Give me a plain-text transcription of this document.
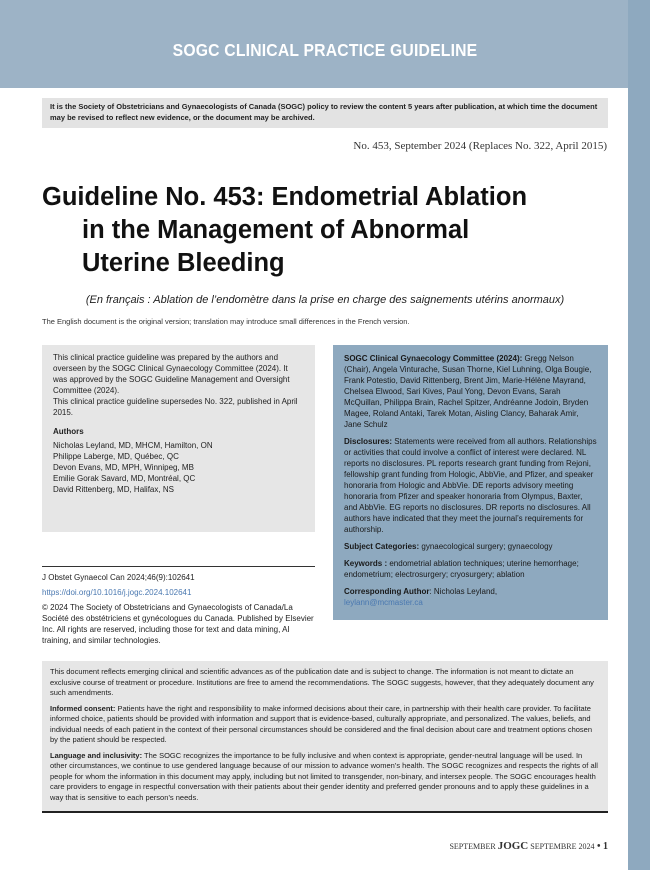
SOGC CLINICAL PRACTICE GUIDELINE
It is the Society of Obstetricians and Gynaecologists of Canada (SOGC) policy to review the content 5 years after publication, at which time the document may be revised to reflect new evidence, or the document may be archived.
No. 453, September 2024 (Replaces No. 322, April 2015)
Guideline No. 453: Endometrial Ablation
in the Management of Abnormal
Uterine Bleeding
(En français : Ablation de l’endomètre dans la prise en charge des saignements utérins anormaux)
The English document is the original version; translation may introduce small differences in the French version.
This clinical practice guideline was prepared by the authors and overseen by the SOGC Clinical Gynaecology Committee (2024). It was approved by the SOGC Guideline Management and Oversight Committee (2024).
This clinical practice guideline supersedes No. 322, published in April 2015.
Authors
Nicholas Leyland, MD, MHCM, Hamilton, ON
Philippe Laberge, MD, Québec, QC
Devon Evans, MD, MPH, Winnipeg, MB
Emilie Gorak Savard, MD, Montréal, QC
David Rittenberg, MD, Halifax, NS

SOGC Clinical Gynaecology Committee (2024): Gregg Nelson (Chair), Angela Vinturache, Susan Thorne, Kiel Luhning, Olga Bougie, Frank Potestio, David Rittenberg, Brent Jim, Marie-Hélène Mayrand, Chelsea Elwood, Sari Kives, Paul Yong, Devon Evans, Sarah McQuillan, Philippa Brain, Rachel Spitzer, Andréanne Jodoin, Bryden Magee, Roland Antaki, Tarek Motan, Aisling Clancy, Baharak Amir, Jane Schulz

Disclosures: Statements were received from all authors. Relationships or activities that could involve a conflict of interest were declared. NL reports no disclosures. PL reports research grant funding from Rejoni, fellowship grant funding from Hologic, AbbVie, and Pfizer, and speaker honoraria from Hologic and AbbVie. DE reports advisory meeting honoraria from Pfizer and speaker honoraria from Olympus, Baxter, and AbbVie. EG reports no disclosures. DR reports no disclosures. All authors have indicated that they meet the journal’s requirements for authorship.

Subject Categories: gynaecological surgery; gynaecology

Keywords : endometrial ablation techniques; uterine hemorrhage; endometrium; electrosurgery; cryosurgery; ablation

Corresponding Author: Nicholas Leyland,
leylann@mcmaster.ca

J Obstet Gynaecol Can 2024;46(9):102641
https://doi.org/10.1016/j.jogc.2024.102641
© 2024 The Society of Obstetricians and Gynaecologists of Canada/La Société des obstétriciens et gynécologues du Canada. Published by Elsevier Inc. All rights are reserved, including those for text and data mining, AI training, and similar technologies.

This document reflects emerging clinical and scientific advances as of the publication date and is subject to change. The information is not meant to dictate an exclusive course of treatment or procedure. Institutions are free to amend the recommendations. The SOGC suggests, however, that they adequately document any such amendments.

Informed consent: Patients have the right and responsibility to make informed decisions about their care, in partnership with their health care provider. To facilitate informed choice, patients should be provided with information and support that is evidence-based, culturally appropriate, and personalized. The values, beliefs, and individual needs of each patient in the context of their personal circumstances should be considered and the final decision about care and treatment options chosen by the patient should be respected.

Language and inclusivity: The SOGC recognizes the importance to be fully inclusive and when context is appropriate, gender-neutral language will be used. In other circumstances, we continue to use gendered language because of our mission to advance women’s health. The SOGC recognizes and respects the rights of all people for whom the information in this document may apply, including but not limited to transgender, non-binary, and intersex people. The SOGC encourages health care providers to engage in respectful conversation with their patients about their gender identity and preferred gender pronouns and to apply these guidelines in a way that is sensitive to each person’s needs.

SEPTEMBER JOGC SEPTEMBRE 2024 • 1
